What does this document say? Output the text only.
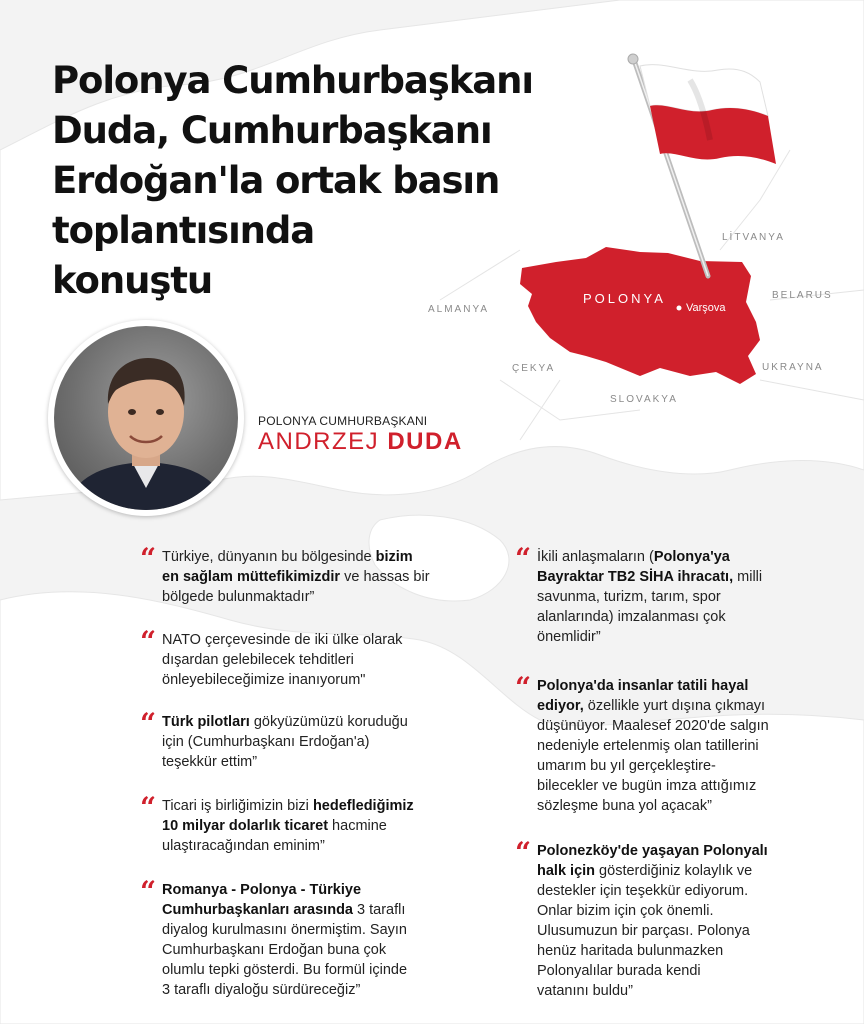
Polonya Cumhurbaşkanı
Duda, Cumhurbaşkanı
Erdoğan'la ortak basın
toplantısında
konuştu	POLONYA
Varşova
LİTVANYA
ALMANYA
BELARUS
ÇEKYA	UKRAYNA
SLOVAKYA
POLONYA CUMHURBAŞKANI
ANDRZEJ DUDA
“ Türkiye, dünyanın bu bölgesinde bizim
en sağlam müttefikimizdir ve hassas bir
bölgede bulunmaktadır”

“ NATO çerçevesinde de iki ülke olarak
dışardan gelebilecek tehditleri
önleyebileceğimize inanıyorum"

“ Türk pilotları gökyüzümüzü koruduğu
için (Cumhurbaşkanı Erdoğan'a)
teşekkür ettim”

“ Ticari iş birliğimizin bizi hedeflediğimiz
10 milyar dolarlık ticaret hacmine
ulaştıracağından eminim”

“ Romanya - Polonya - Türkiye
Cumhurbaşkanları arasında 3 taraflı
diyalog kurulmasını önermiştim. Sayın
Cumhurbaşkanı Erdoğan buna çok
olumlu tepki gösterdi. Bu formül içinde
3 taraflı diyaloğu sürdüreceğiz”

“ İkili anlaşmaların (Polonya'ya
Bayraktar TB2 SİHA ihracatı, milli
savunma, turizm, tarım, spor
alanlarında) imzalanması çok
önemlidir”

“ Polonya'da insanlar tatili hayal
ediyor, özellikle yurt dışına çıkmayı
düşünüyor. Maalesef 2020'de salgın
nedeniyle ertelenmiş olan tatillerini
umarım bu yıl gerçekleştire-
bilecekler ve bugün imza attığımız
sözleşme buna yol açacak”

“ Polonezköy'de yaşayan Polonyalı
halk için gösterdiğiniz kolaylık ve
destekler için teşekkür ediyorum.
Onlar bizim için çok önemli.
Ulusumuzun bir parçası. Polonya
henüz haritada bulunmazken
Polonyalılar burada kendi
vatanını buldu”
